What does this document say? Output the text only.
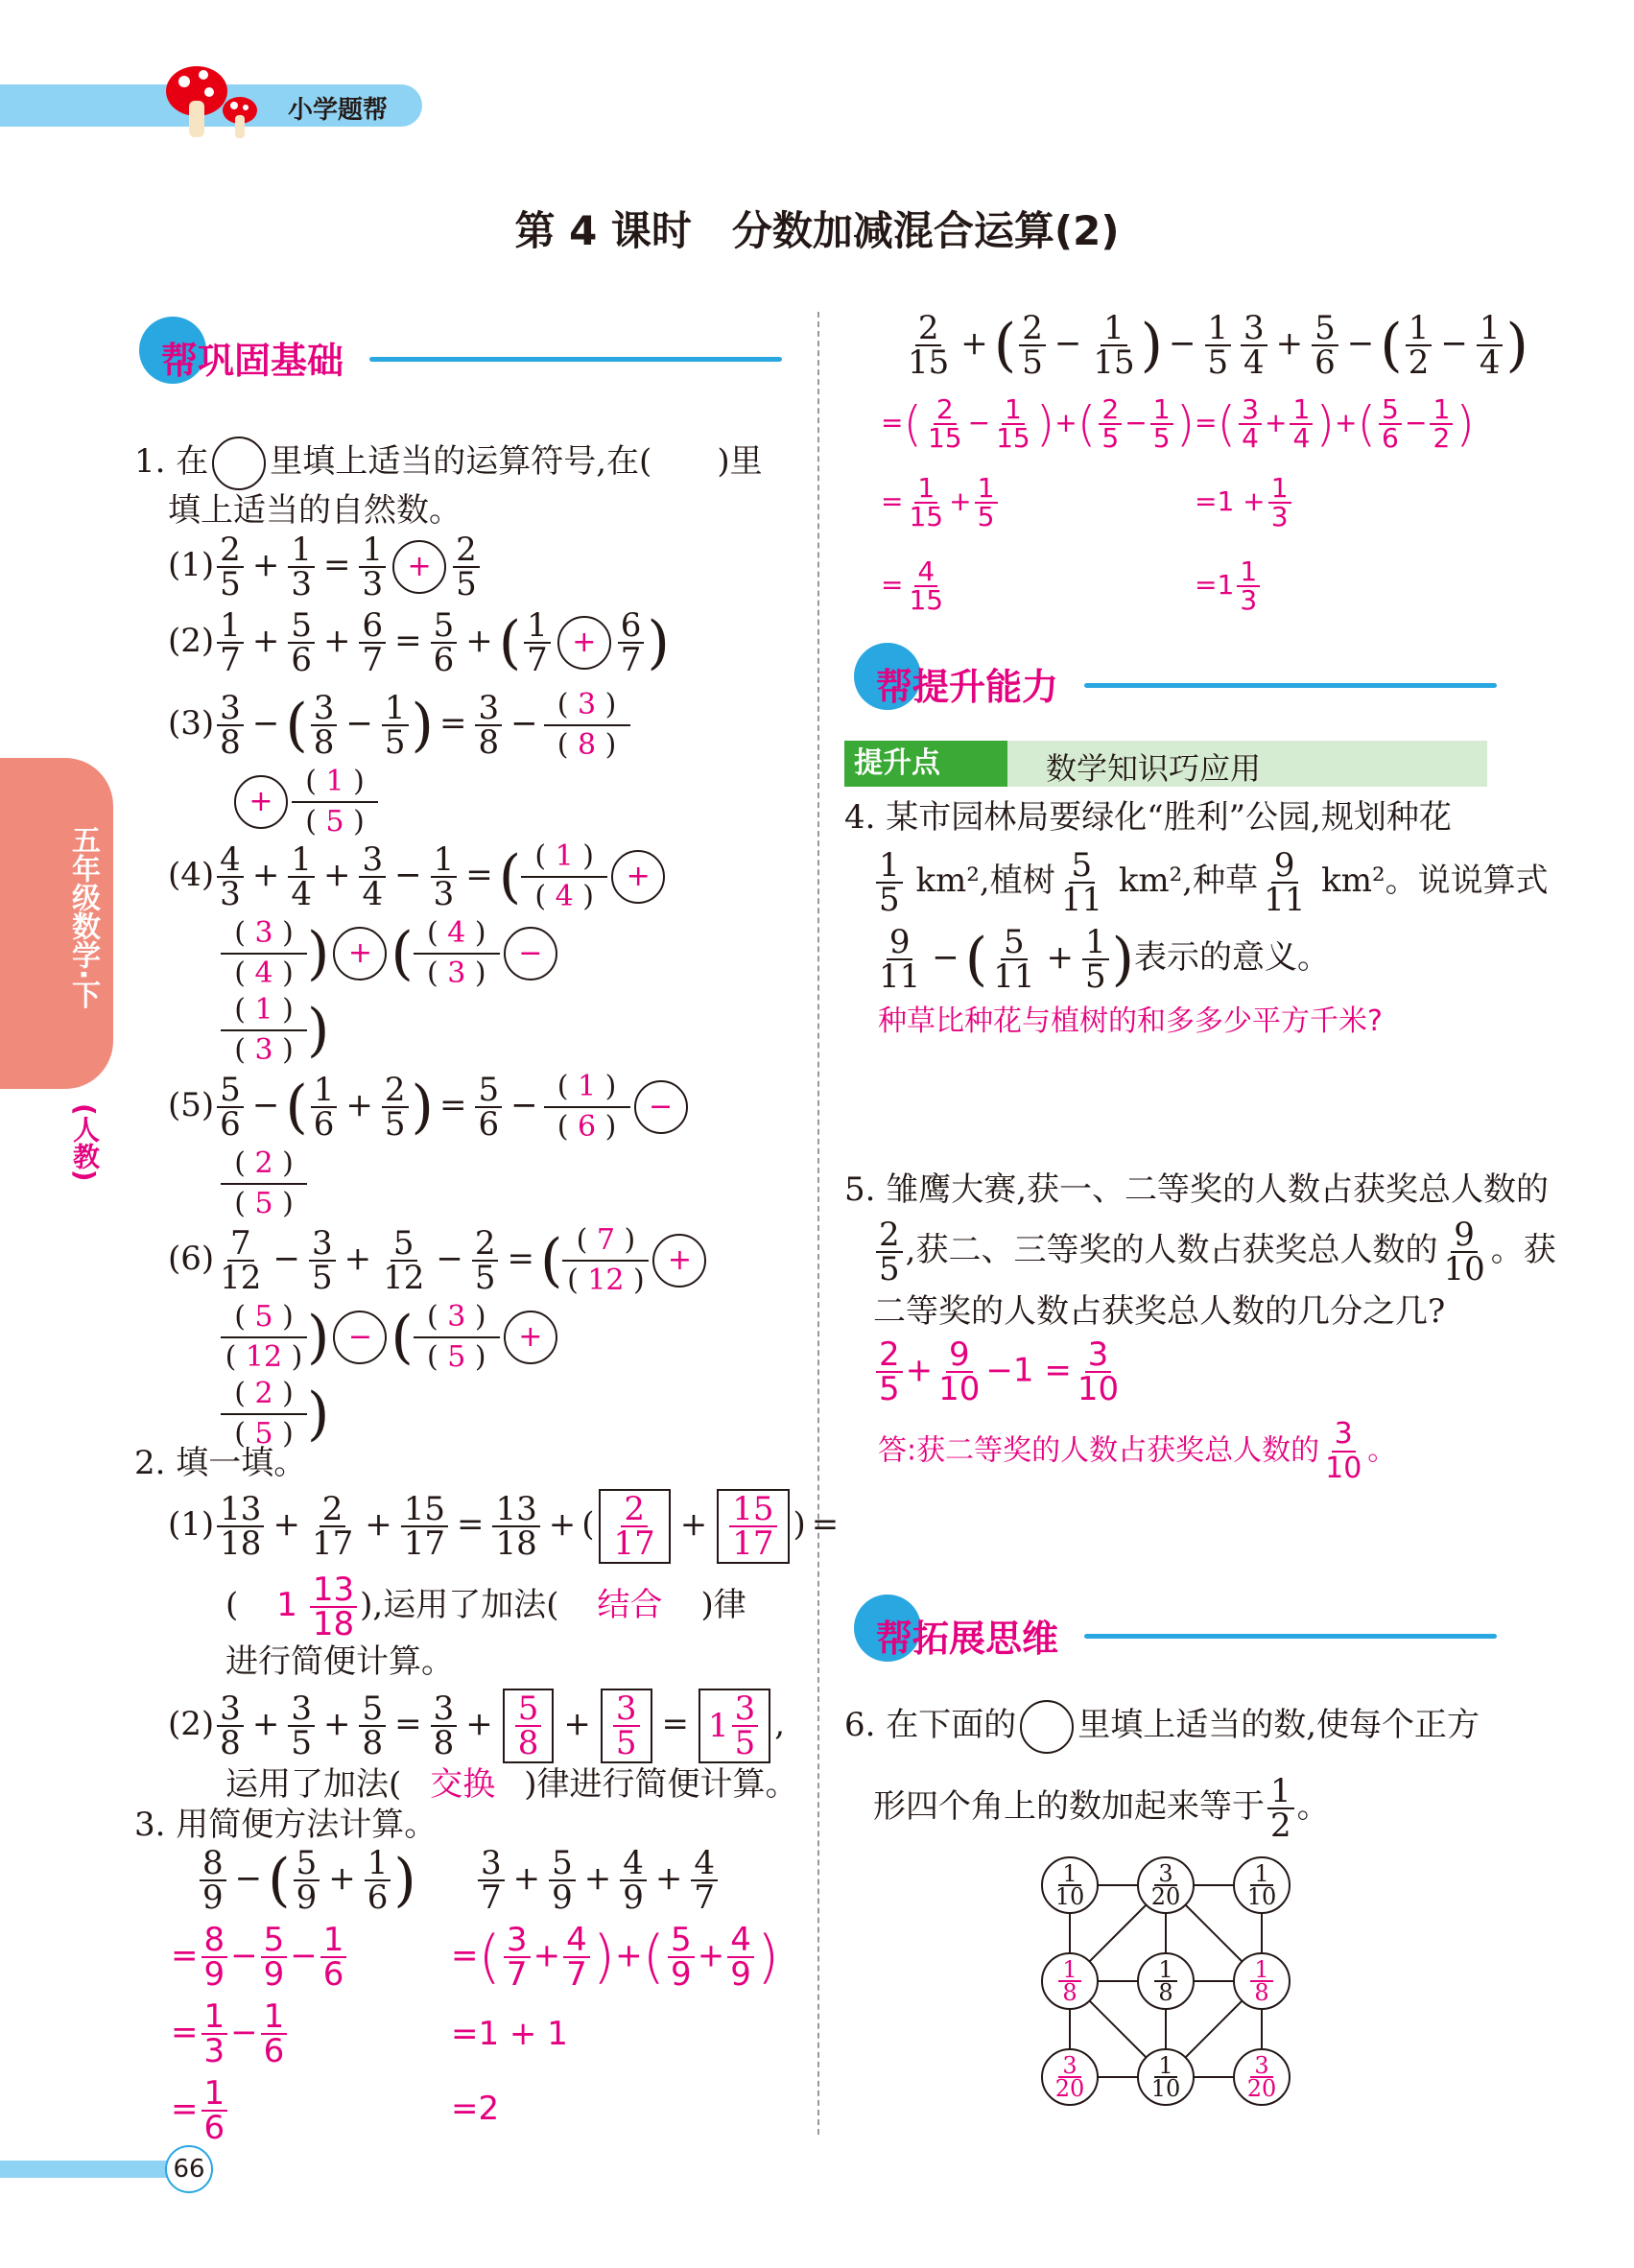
小学题帮
第 4 课时　分数加减混合运算(2)
五年级数学·下
(人教)
帮巩固基础
1. 在 里填上适当的运算符号,在(　　)里
填上适当的自然数。
$(1) \frac{2}{5} + \frac{1}{3} = \frac{1}{3} + \frac{2}{5}$
$(2) \frac{1}{7} + \frac{5}{6} + \frac{6}{7} = \frac{5}{6}$ + ( $\frac{1}{7} + \frac{6}{7}$ )
$(3) \frac{3}{8}$ − ( $\frac{3}{8} - \frac{1}{5}$ ) = $\frac{3}{8} - \frac{( 3 )}{( 8 )}$
+ $\frac{( 1 )}{( 5 )}$
$(4) \frac{4}{3} + \frac{1}{4} + \frac{3}{4} - \frac{1}{3}$ = ( $\frac{( 1 )}{( 4 )}$ +
$\frac{( 3 )}{( 4 )}$ ) + ( $\frac{( 4 )}{( 3 )}$ −
$\frac{( 1 )}{( 3 )}$ )
$(5) \frac{5}{6}$ − ( $\frac{1}{6} + \frac{2}{5}$ ) = $\frac{5}{6} - \frac{( 1 )}{( 6 )}$ −
$\frac{( 2 )}{( 5 )}$
$(6) \frac{7}{12} - \frac{3}{5} + \frac{5}{12} - \frac{2}{5}$ = ( $\frac{( 7 )}{( 12 )}$ +
$\frac{( 5 )}{( 12 )}$ ) − ( $\frac{( 3 )}{( 5 )}$ +
$\frac{( 2 )}{( 5 )}$ )
2. 填一填。
$(1) \frac{13}{18} + \frac{2}{17} + \frac{15}{17} = \frac{13}{18}$ + ( 2
17 + 15
17 ) =
( $1 \frac{13}{18}$ ),运用了加法( 结合 )律
进行简便计算。
$(2) \frac{3}{8} + \frac{3}{5} + \frac{5}{8} = \frac{3}{8} + 5$
8 + 3
5 = 1 3
5 ,
运用了加法( 交换 )律进行简便计算。
3. 用简便方法计算。
$\frac{8}{9}$ − ( $\frac{5}{9} + \frac{1}{6}$ )
= $\frac{8}{9} - \frac{5}{9} - \frac{1}{6}$
= $\frac{1}{3} - \frac{1}{6}$
= $\frac{1}{6}$
$\frac{3}{7} + \frac{5}{9} + \frac{4}{9} + \frac{4}{7}$
=( $\frac{3}{7} + \frac{4}{7}$ )+( $\frac{5}{9} + \frac{4}{9}$ )
=1 + 1
=2
$\frac{2}{15}$ + ( $\frac{2}{5} - \frac{1}{15}$ ) − $\frac{1}{5}$
=( $\frac{2}{15} - \frac{1}{15}$ )+( $\frac{2}{5} - \frac{1}{5}$ )
= $\frac{1}{15} + \frac{1}{5}$
= $\frac{4}{15}$
$\frac{3}{4} + \frac{5}{6}$ − ( $\frac{1}{2} - \frac{1}{4}$ )
=( $\frac{3}{4} + \frac{1}{4}$ )+( $\frac{5}{6} - \frac{1}{2}$ )
$=1 + \frac{1}{3}$
$=1 \frac{1}{3}$
帮提升能力
提升点	数学知识巧应用
4. 某市园林局要绿化“胜利”公园,规划种花
$\frac{1}{5} km^2$,植树 $\frac{5}{11} km^2$,种草 $\frac{9}{11} km^2$。说说算式
$\frac{9}{11}$ − ( $\frac{5}{11} + \frac{1}{5}$ )表示的意义。
种草比种花与植树的和多多少平方千米?
5. 雏鹰大赛,获一、二等奖的人数占获奖总人数的
$\frac{2}{5}$ ,获二、三等奖的人数占获奖总人数的 $\frac{9}{10}$ 。获
二等奖的人数占获奖总人数的几分之几?
$\frac{2}{5} + \frac{9}{10} -1 = \frac{3}{10}$
答:获二等奖的人数占获奖总人数的 $\frac{3}{10}$ 。
帮拓展思维
6. 在下面的 里填上适当的数,使每个正方
形四个角上的数加起来等于 $\frac{1}{2}$ 。
1
10
3
20
1
10
1
8
1
8
1
8
3
20
1
10
3
20
66
